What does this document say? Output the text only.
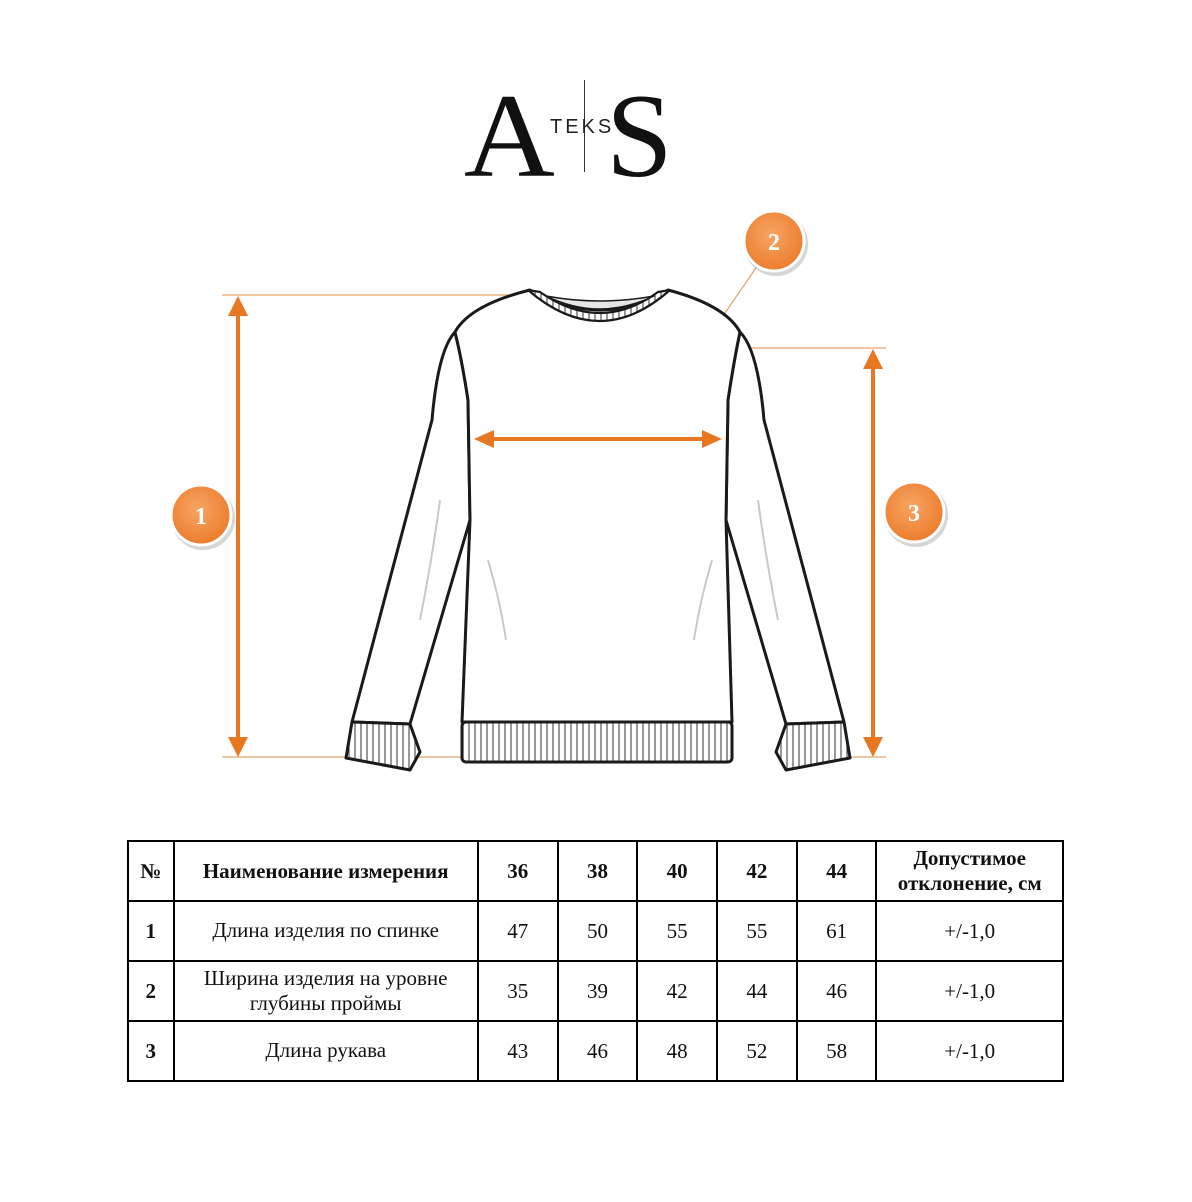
A
TEKS
S
1
2
3
№	Наименование измерения	36	38	40	42	44	Допустимое
отклонение, см

1	Длина изделия по спинке	47	50	55	55	61	+/-1,0
2	Ширина изделия на уровне
глубины проймы	35	39	42	44	46	+/-1,0
3	Длина рукава	43	46	48	52	58	+/-1,0
